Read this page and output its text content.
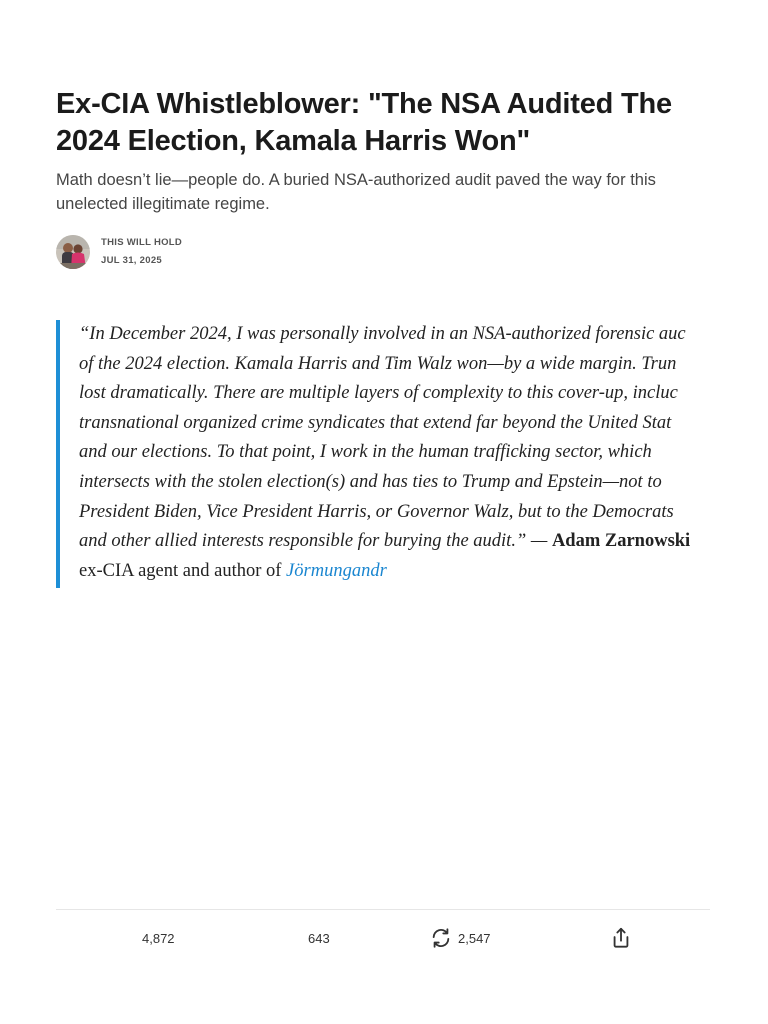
Ex-CIA Whistleblower: "The NSA Audited The 2024 Election, Kamala Harris Won"

Math doesn’t lie—people do. A buried NSA-authorized audit paved the way for this unelected illegitimate regime.

THIS WILL HOLD
JUL 31, 2025

“In December 2024, I was personally involved in an NSA-authorized forensic auc
of the 2024 election. Kamala Harris and Tim Walz won—by a wide margin. Trun
lost dramatically. There are multiple layers of complexity to this cover-up, incluc
transnational organized crime syndicates that extend far beyond the United Stat
and our elections. To that point, I work in the human trafficking sector, which
intersects with the stolen election(s) and has ties to Trump and Epstein—not to
President Biden, Vice President Harris, or Governor Walz, but to the Democrats
and other allied interests responsible for burying the audit.” — Adam Zarnowski
ex-CIA agent and author of Jörmungandr

4,872	643	2,547
